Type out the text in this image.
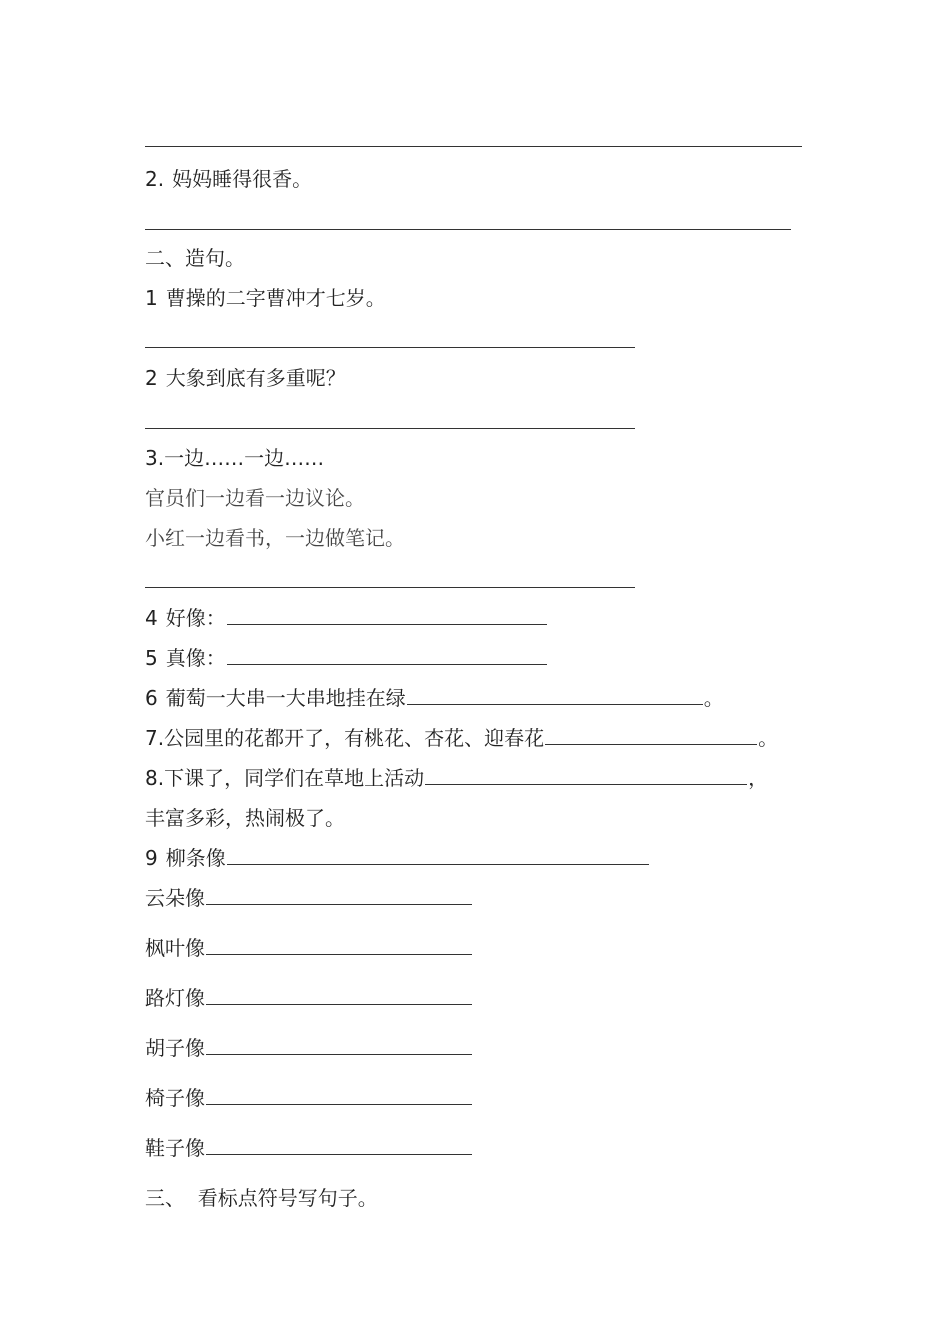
2. 妈妈睡得很香。
二、造句。
1 曹操的二字曹冲才七岁。
2 大象到底有多重呢？
3.一边……一边……
官员们一边看一边议论。
小红一边看书，一边做笔记。
4 好像：
5 真像：
6 葡萄一大串一大串地挂在绿	。
7.公园里的花都开了，有桃花、杏花、迎春花	。
8.下课了，同学们在草地上活动	，
丰富多彩，热闹极了。
9 柳条像
云朵像
枫叶像
路灯像
胡子像
椅子像
鞋子像
三、  看标点符号写句子。
